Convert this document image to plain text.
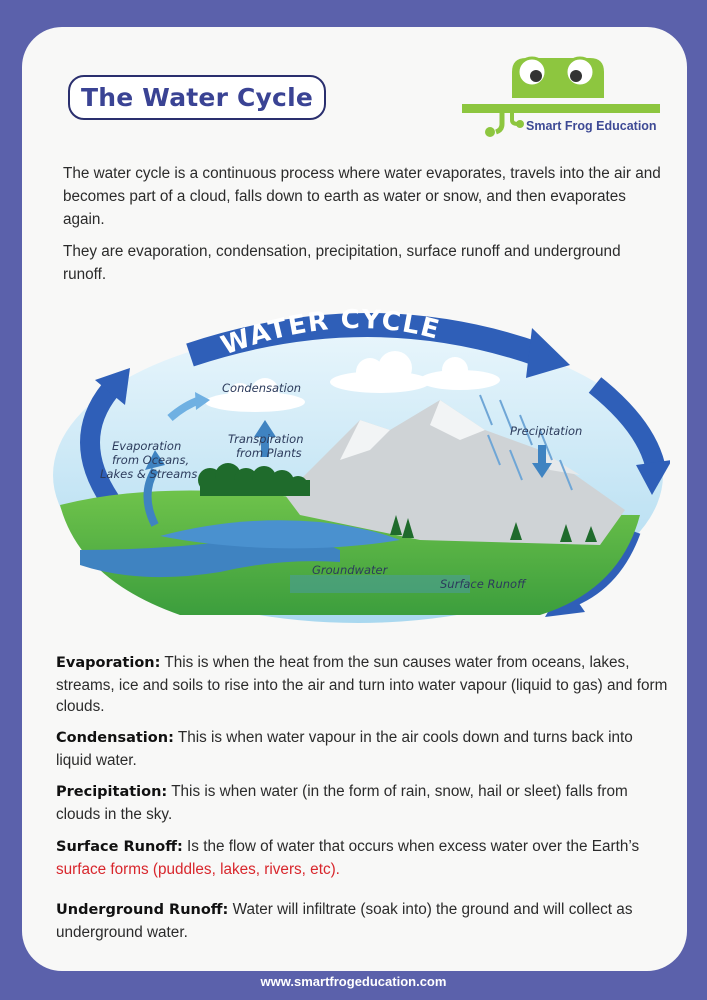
The Water Cycle
Smart Frog Education

The water cycle is a continuous process where water evaporates, travels into the air and becomes part of a cloud, falls down to earth as water or snow, and then evaporates again.

They are evaporation, condensation, precipitation, surface runoff and underground runoff.

WATER CYCLE
Condensation
Evaporation
from Oceans,
Lakes & Streams
Transpiration
from Plants
Precipitation
Groundwater
Surface Runoff

Evaporation: This is when the heat from the sun causes water from oceans, lakes, streams, ice and soils to rise into the air and turn into water vapour (liquid to gas) and form clouds.

Condensation: This is when water vapour in the air cools down and turns back into liquid water.

Precipitation: This is when water (in the form of rain, snow, hail or sleet) falls from clouds in the sky.

Surface Runoff: Is the flow of water that occurs when excess water over the Earth’s
surface forms (puddles, lakes, rivers, etc).

Underground Runoff: Water will infiltrate (soak into) the ground and will collect as underground water.

www.smartfrogeducation.com
